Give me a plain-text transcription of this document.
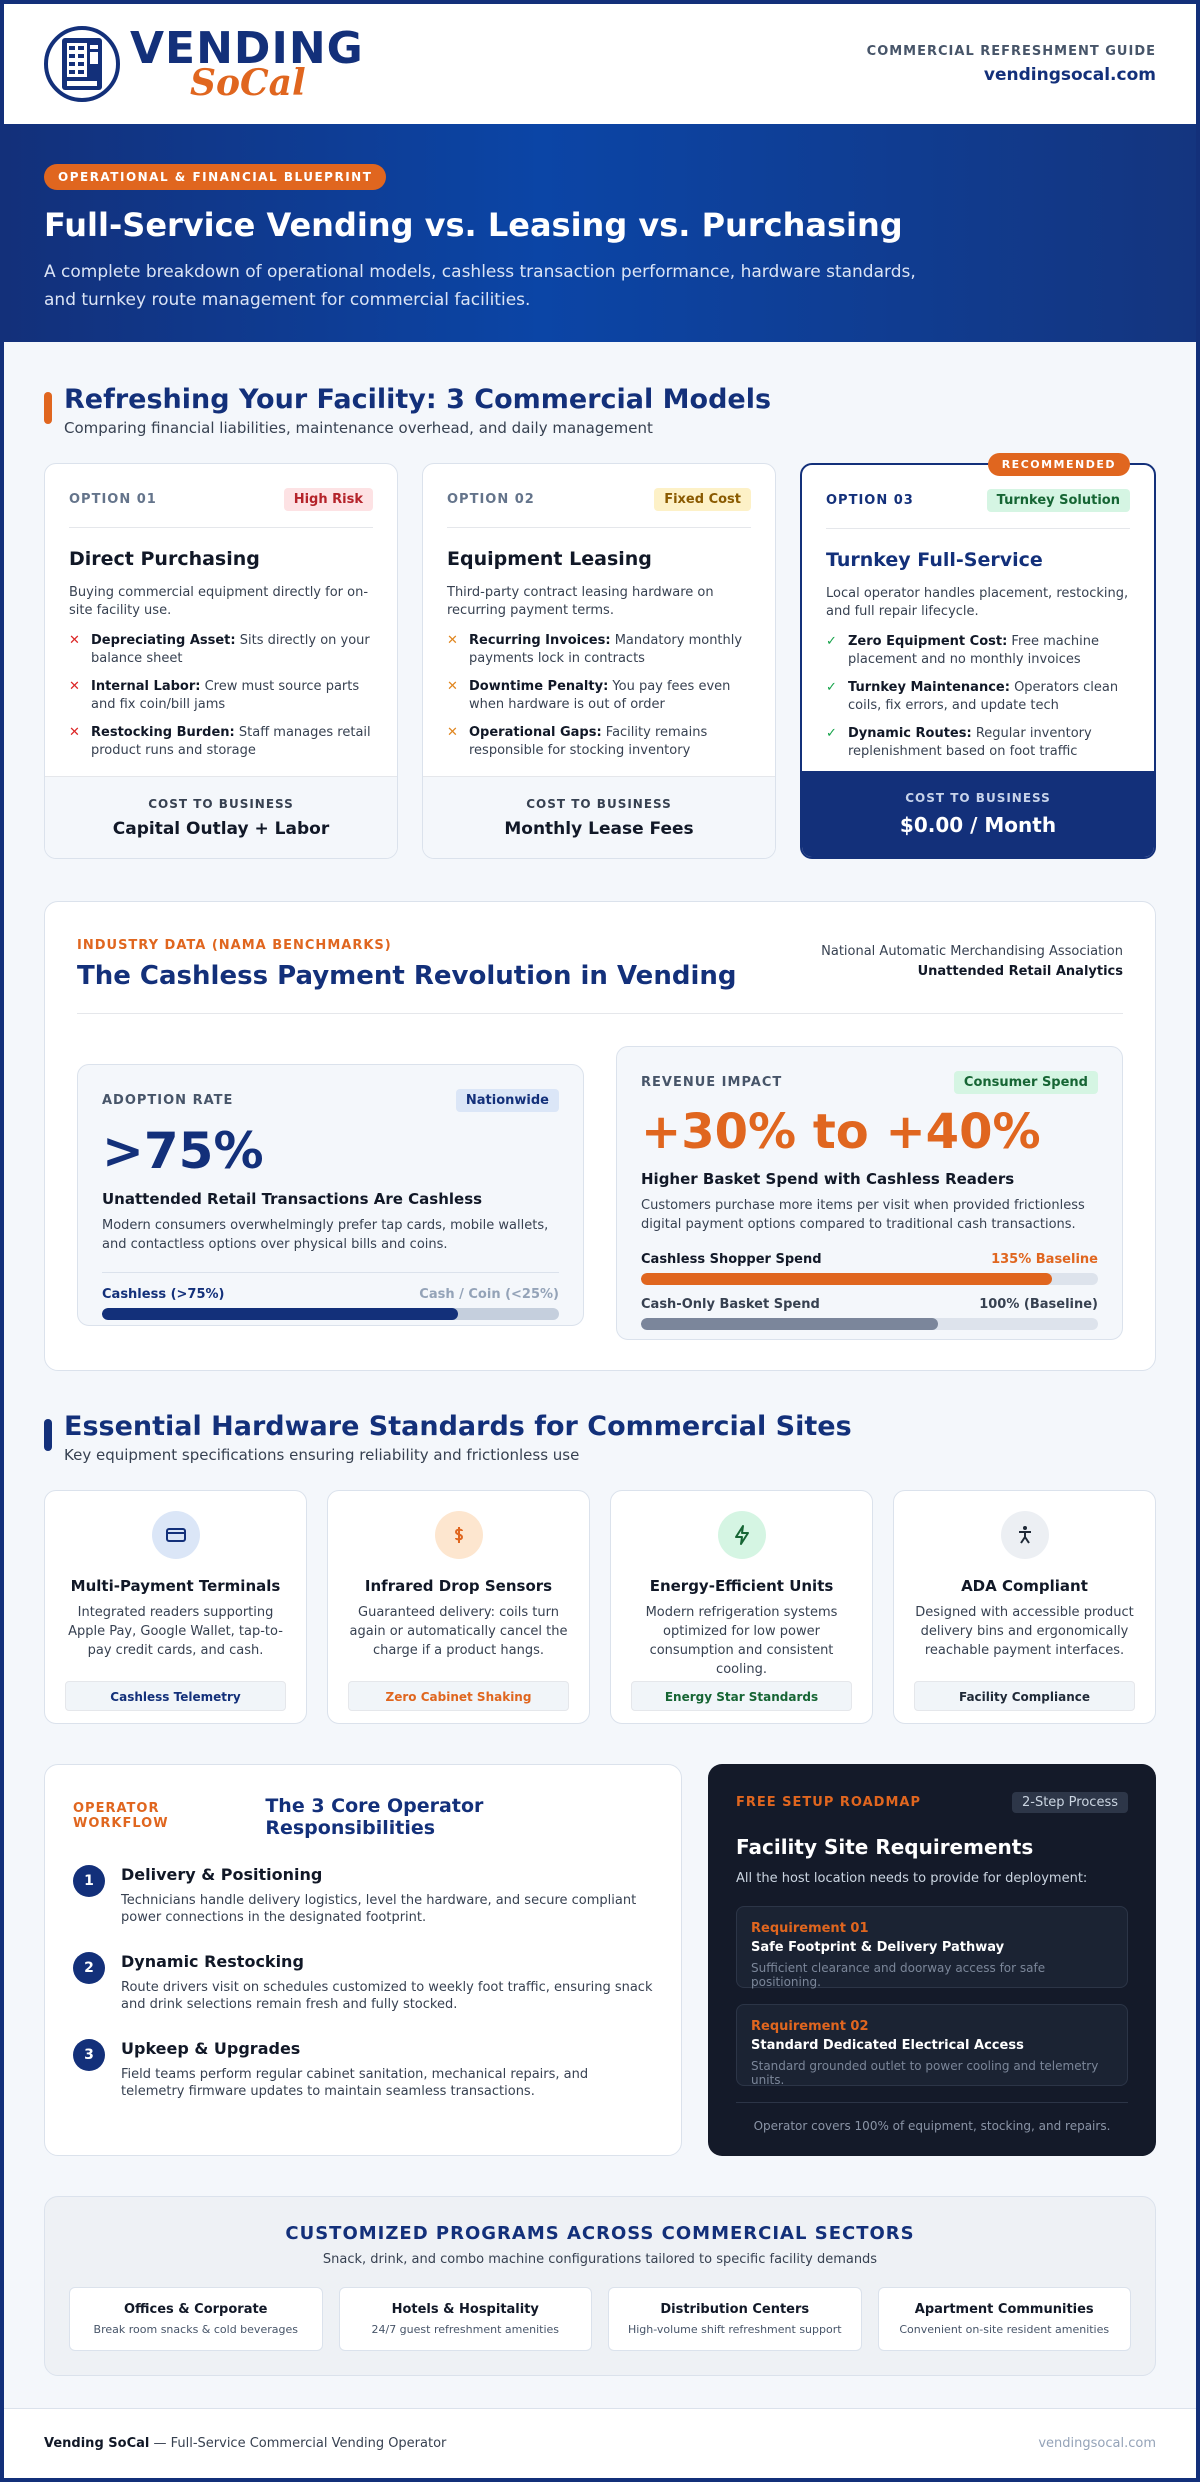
VENDING
SoCal
COMMERCIAL REFRESHMENT GUIDE
vendingsocal.com
OPERATIONAL & FINANCIAL BLUEPRINT
Full-Service Vending vs. Leasing vs. Purchasing

A complete breakdown of operational models, cashless transaction performance, hardware standards, and turnkey route management for commercial facilities.

Refreshing Your Facility: 3 Commercial Models
Comparing financial liabilities, maintenance overhead, and daily management
OPTION 01	High Risk
Direct Purchasing
Buying commercial equipment directly for on-site facility use.
✕ Depreciating Asset: Sits directly on your balance sheet
✕ Internal Labor: Crew must source parts and fix coin/bill jams
✕ Restocking Burden: Staff manages retail product runs and storage
COST TO BUSINESS
Capital Outlay + Labor
OPTION 02	Fixed Cost
Equipment Leasing
Third-party contract leasing hardware on recurring payment terms.
✕ Recurring Invoices: Mandatory monthly payments lock in contracts
✕ Downtime Penalty: You pay fees even when hardware is out of order
✕ Operational Gaps: Facility remains responsible for stocking inventory
COST TO BUSINESS
Monthly Lease Fees
RECOMMENDED
OPTION 03	Turnkey Solution
Turnkey Full-Service
Local operator handles placement, restocking, and full repair lifecycle.
✓ Zero Equipment Cost: Free machine placement and no monthly invoices
✓ Turnkey Maintenance: Operators clean coils, fix errors, and update tech
✓ Dynamic Routes: Regular inventory replenishment based on foot traffic
COST TO BUSINESS
$0.00 / Month
INDUSTRY DATA (NAMA BENCHMARKS)
The Cashless Payment Revolution in Vending
National Automatic Merchandising Association
Unattended Retail Analytics
ADOPTION RATE	Nationwide
>75%
Unattended Retail Transactions Are Cashless

Modern consumers overwhelmingly prefer tap cards, mobile wallets, and contactless options over physical bills and coins.

Cashless (>75%)	Cash / Coin (<25%)
REVENUE IMPACT	Consumer Spend
+30% to +40%
Higher Basket Spend with Cashless Readers

Customers purchase more items per visit when provided frictionless digital payment options compared to traditional cash transactions.

Cashless Shopper Spend	135% Baseline
Cash-Only Basket Spend	100% (Baseline)
Essential Hardware Standards for Commercial Sites
Key equipment specifications ensuring reliability and frictionless use
Multi-Payment Terminals

Integrated readers supporting Apple Pay, Google Wallet, tap-to-pay credit cards, and cash.

Cashless Telemetry
Infrared Drop Sensors

Guaranteed delivery: coils turn again or automatically cancel the charge if a product hangs.

Zero Cabinet Shaking
Energy-Efficient Units

Modern refrigeration systems optimized for low power consumption and consistent cooling.

Energy Star Standards
ADA Compliant

Designed with accessible product delivery bins and ergonomically reachable payment interfaces.

Facility Compliance
OPERATOR WORKFLOW
The 3 Core Operator Responsibilities
1	Delivery & Positioning

Technicians handle delivery logistics, level the hardware, and secure compliant power connections in the designated footprint.

2	Dynamic Restocking

Route drivers visit on schedules customized to weekly foot traffic, ensuring snack and drink selections remain fresh and fully stocked.

3	Upkeep & Upgrades

Field teams perform regular cabinet sanitation, mechanical repairs, and telemetry firmware updates to maintain seamless transactions.

FREE SETUP ROADMAP	2-Step Process
Facility Site Requirements
All the host location needs to provide for deployment:
Requirement 01
Safe Footprint & Delivery Pathway
Sufficient clearance and doorway access for safe positioning.
Requirement 02
Standard Dedicated Electrical Access
Standard grounded outlet to power cooling and telemetry units.
Operator covers 100% of equipment, stocking, and repairs.
CUSTOMIZED PROGRAMS ACROSS COMMERCIAL SECTORS
Snack, drink, and combo machine configurations tailored to specific facility demands
Offices & Corporate
Break room snacks & cold beverages
Hotels & Hospitality
24/7 guest refreshment amenities
Distribution Centers
High-volume shift refreshment support
Apartment Communities
Convenient on-site resident amenities
Vending SoCal — Full-Service Commercial Vending Operator	vendingsocal.com
